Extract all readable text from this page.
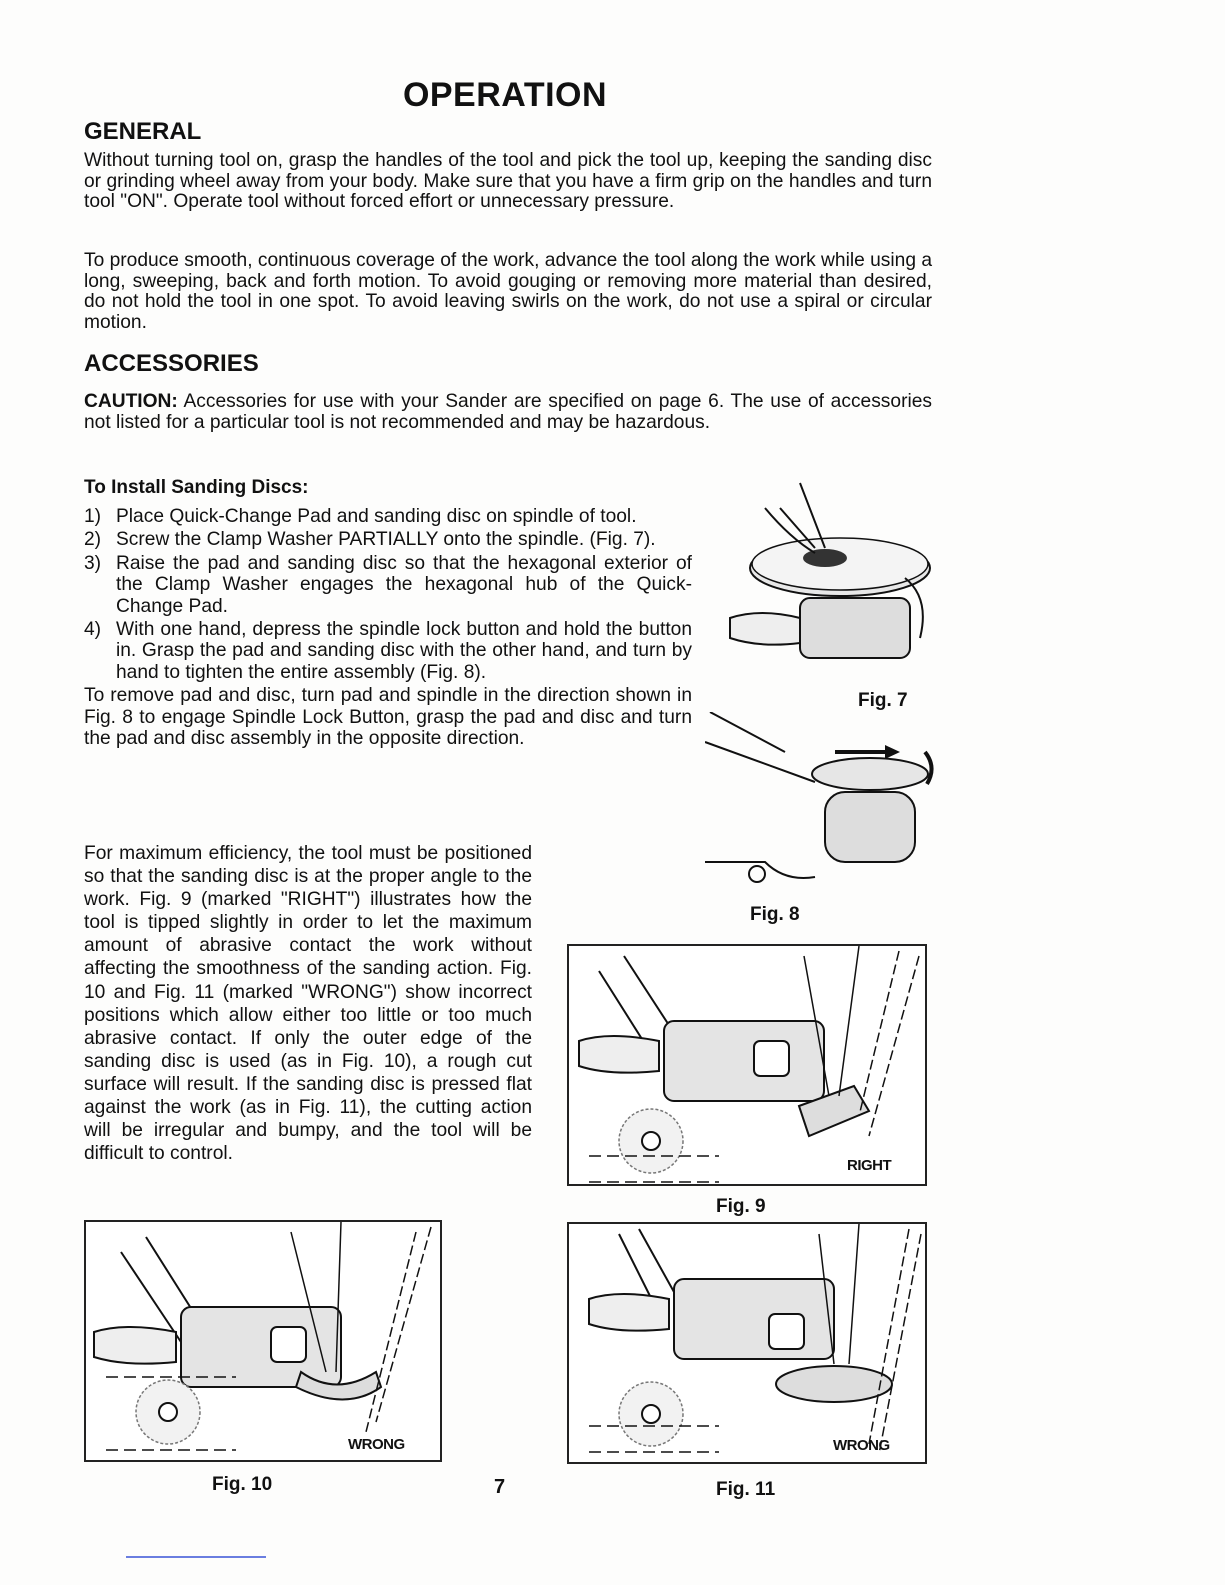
OPERATION
GENERAL
Without turning tool on, grasp the handles of the tool and pick the tool up, keeping the sanding disc or grinding wheel away from your body. Make sure that you have a firm grip on the handles and turn tool "ON". Operate tool without forced effort or unnecessary pressure.
To produce smooth, continuous coverage of the work, advance the tool along the work while using a long, sweeping, back and forth motion. To avoid gouging or removing more material than desired, do not hold the tool in one spot. To avoid leaving swirls on the work, do not use a spiral or circular motion.
ACCESSORIES
CAUTION: Accessories for use with your Sander are specified on page 6. The use of accessories not listed for a particular tool is not recommended and may be hazardous.
To Install Sanding Discs:
1) Place Quick-Change Pad and sanding disc on spindle of tool.
2) Screw the Clamp Washer PARTIALLY onto the spindle. (Fig. 7).
3) Raise the pad and sanding disc so that the hexagonal exterior of the Clamp Washer engages the hexagonal hub of the Quick-Change Pad.
4) With one hand, depress the spindle lock button and hold the button in. Grasp the pad and sanding disc with the other hand, and turn by hand to tighten the entire assembly (Fig. 8).
To remove pad and disc, turn pad and spindle in the direction shown in Fig. 8 to engage Spindle Lock Button, grasp the pad and disc and turn the pad and disc assembly in the opposite direction.
For maximum efficiency, the tool must be positioned so that the sanding disc is at the proper angle to the work. Fig. 9 (marked "RIGHT") illustrates how the tool is tipped slightly in order to let the maximum amount of abrasive contact the work without affecting the smoothness of the sanding action. Fig. 10 and Fig. 11 (marked "WRONG") show incorrect positions which allow either too little or too much abrasive contact. If only the outer edge of the sanding disc is used (as in Fig. 10), a rough cut surface will result. If the sanding disc is pressed flat against the work (as in Fig. 11), the cutting action will be irregular and bumpy, and the tool will be difficult to control.
Fig. 7
Fig. 8
RIGHT
Fig. 9
WRONG
Fig. 10
WRONG
Fig. 11
7
